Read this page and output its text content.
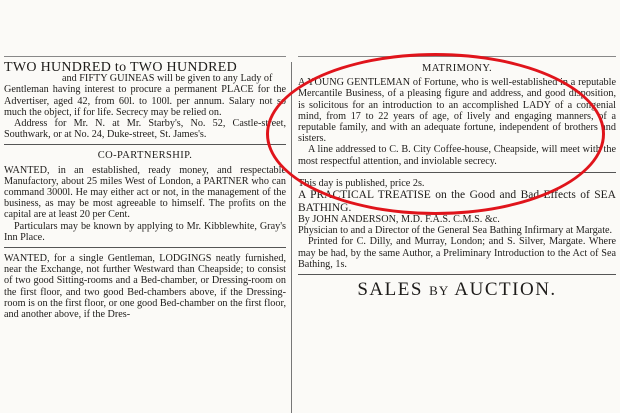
TWO HUNDRED to TWO HUNDRED

and FIFTY GUINEAS will be given to any Lady of

Gentleman having interest to procure a permanent PLACE for the Advertiser, aged 42, from 60l. to 100l. per annum. Salary not so much the object, if for life. Secrecy may be relied on.

Address for Mr. N. at Mr. Starby's, No. 52, Castle-street, Southwark, or at No. 24, Duke-street, St. James's.

CO-PARTNERSHIP.

WANTED, in an established, ready money, and respectable Manufactory, about 25 miles West of London, a PARTNER who can command 3000l. He may either act or not, in the management of the business, as may be most agreeable to himself. The profits on the capital are at least 20 per Cent.

Particulars may be known by applying to Mr. Kibblewhite, Gray's Inn Place.

WANTED, for a single Gentleman, LODGINGS neatly furnished, near the Exchange, not further Westward than Cheapside; to consist of two good Sitting-rooms and a Bed-chamber, or Dressing-room on the first floor, and two good Bed-chambers above, if the Dressing-room is on the first floor, or one good Bed-chamber on the first floor, and another above, if the Dres-

MATRIMONY.

A YOUNG GENTLEMAN of Fortune, who is well-established in a reputable Mercantile Business, of a pleasing figure and address, and good disposition, is solicitous for an introduction to an accomplished LADY of a congenial mind, from 17 to 22 years of age, of lively and engaging manners, of a reputable family, and with an adequate fortune, independent of brothers and sisters.

A line addressed to C. B. City Coffee-house, Cheapside, will meet with the most respectful attention, and inviolable secrecy.

This day is published, price 2s.

A PRACTICAL TREATISE on the Good and Bad Effects of SEA BATHING.

By JOHN ANDERSON, M.D. F.A.S. C.M.S. &c.

Physician to and a Director of the General Sea Bathing Infirmary at Margate.

Printed for C. Dilly, and Murray, London; and S. Silver, Margate. Where may be had, by the same Author, a Preliminary Introduction to the Act of Sea Bathing, 1s.

SALES BY AUCTION.
